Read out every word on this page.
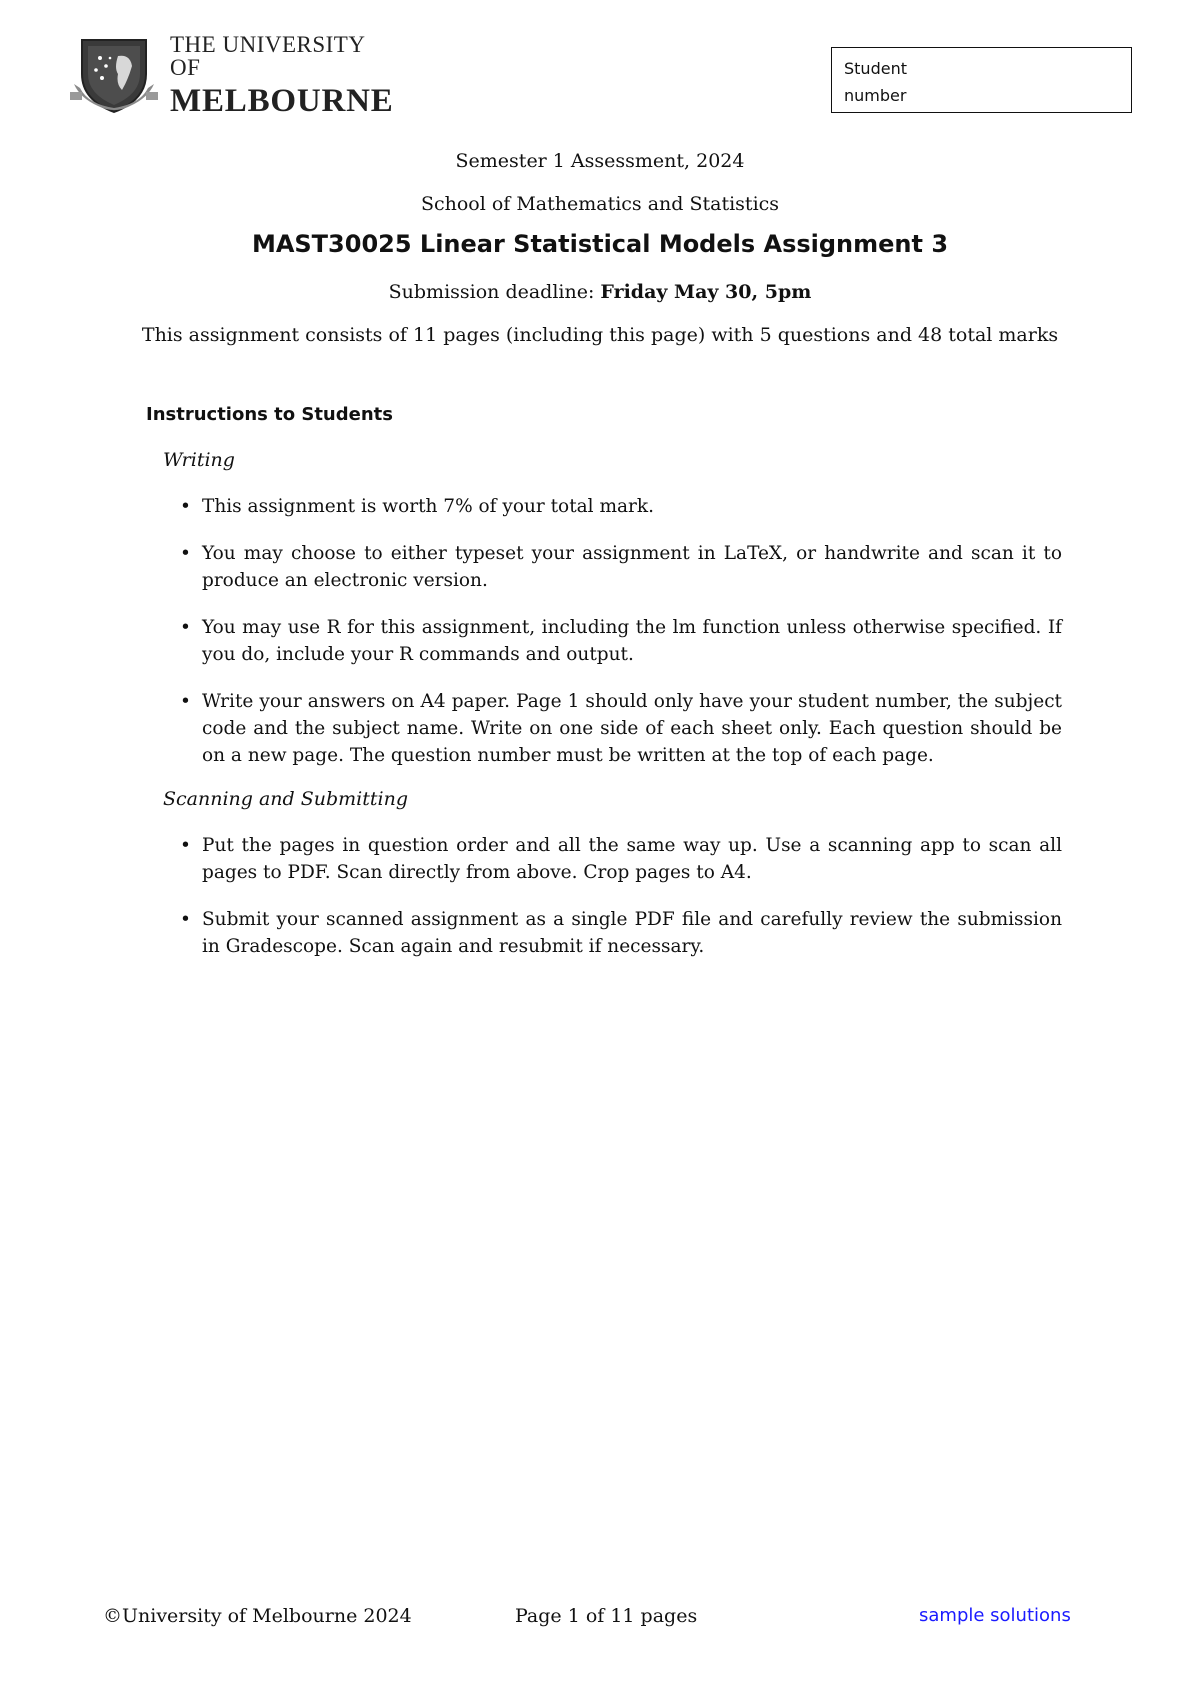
THE UNIVERSITY OF
MELBOURNE
Student
number
Semester 1 Assessment, 2024
School of Mathematics and Statistics
MAST30025 Linear Statistical Models Assignment 3
Submission deadline: Friday May 30, 5pm
This assignment consists of 11 pages (including this page) with 5 questions and 48 total marks
Instructions to Students
Writing
• This assignment is worth 7% of your total mark.
• You may choose to either typeset your assignment in LaTeX, or handwrite and scan it to produce an electronic version.
• You may use R for this assignment, including the lm function unless otherwise specified. If you do, include your R commands and output.
• Write your answers on A4 paper. Page 1 should only have your student number, the subject code and the subject name. Write on one side of each sheet only. Each question should be on a new page. The question number must be written at the top of each page.
Scanning and Submitting
• Put the pages in question order and all the same way up. Use a scanning app to scan all pages to PDF. Scan directly from above. Crop pages to A4.
• Submit your scanned assignment as a single PDF file and carefully review the submission in Gradescope. Scan again and resubmit if necessary.
©University of Melbourne 2024	Page 1 of 11 pages	sample solutions
